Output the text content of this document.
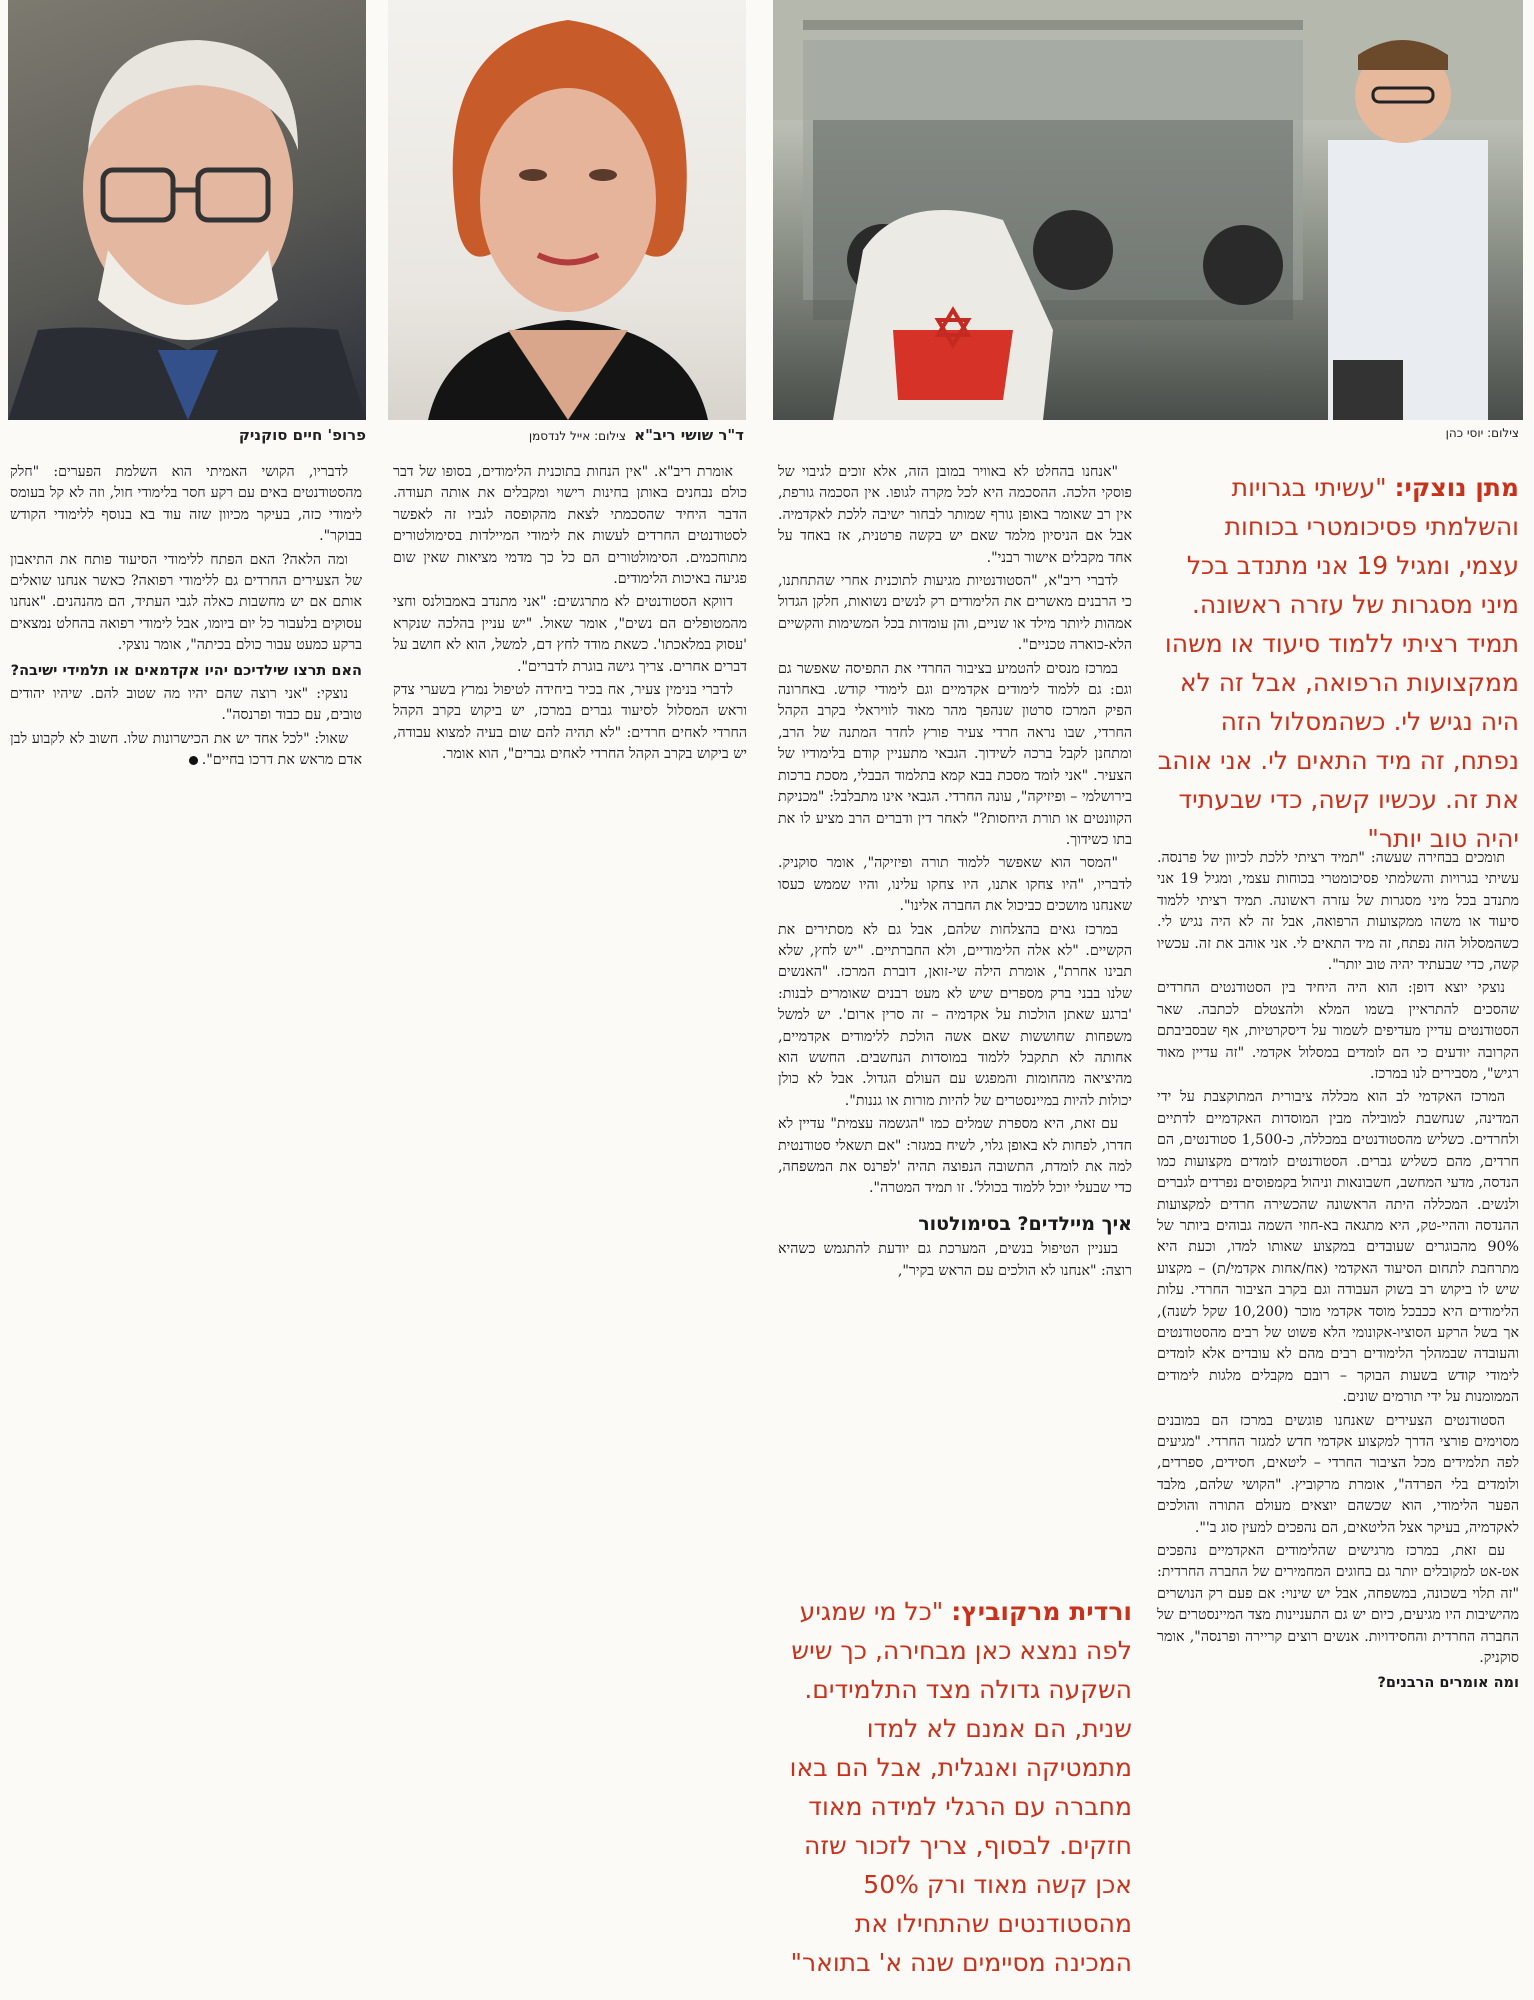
פרופ' חיים סוקניק	ד"ר שושי ריב"א  צילום: אייל לנדסמן	צילום: יוסי כהן
מתן נוצקי: "עשיתי בגרויות והשלמתי פסיכומטרי בכוחות עצמי, ומגיל 19 אני מתנדב בכל מיני מסגרות של עזרה ראשונה. תמיד רציתי ללמוד סיעוד או משהו ממקצועות הרפואה, אבל זה לא היה נגיש לי. כשהמסלול הזה נפתח, זה מיד התאים לי. אני אוהב את זה. עכשיו קשה, כדי שבעתיד יהיה טוב יותר"

תומכים בבחירה שעשה: "תמיד רציתי ללכת לכיוון של פרנסה. עשיתי בגרויות והשלמתי פסיכומטרי בכוחות עצמי, ומגיל 19 אני מתנדב בכל מיני מסגרות של עזרה ראשונה. תמיד רציתי ללמוד סיעוד או משהו ממקצועות הרפואה, אבל זה לא היה נגיש לי. כשהמסלול הזה נפתח, זה מיד התאים לי. אני אוהב את זה. עכשיו קשה, כדי שבעתיד יהיה טוב יותר".

נוצקי יוצא דופן: הוא היה היחיד בין הסטודנטים החרדים שהסכים להתראיין בשמו המלא ולהצטלם לכתבה. שאר הסטודנטים עדיין מעדיפים לשמור על דיסקרטיות, אף שבסביבתם הקרובה יודעים כי הם לומדים במסלול אקדמי. "זה עדיין מאוד רגיש", מסבירים לנו במרכז.

המרכז האקדמי לב הוא מכללה ציבורית המתוקצבת על ידי המדינה, שנחשבת למובילה מבין המוסדות האקדמיים לדתיים ולחרדים. כשליש מהסטודנטים במכללה, כ-1,500 סטודנטים, הם חרדים, מהם כשליש גברים. הסטודנטים לומדים מקצועות כמו הנדסה, מדעי המחשב, חשבונאות וניהול בקמפוסים נפרדים לגברים ולנשים. המכללה היתה הראשונה שהכשירה חרדים למקצועות ההנדסה וההיי-טק, היא מתגאה בא-חוזי השמה גבוהים ביותר של 90% מהבוגרים שעובדים במקצוע שאותו למדו, וכעת היא מתרחבת לתחום הסיעוד האקדמי (אח/אחות אקדמי/ת) – מקצוע שיש לו ביקוש רב בשוק העבודה וגם בקרב הציבור החרדי. עלות הלימודים היא ככבכל מוסד אקדמי מוכר (10,200 שקל לשנה), אך בשל הרקע הסוציו-אקונומי הלא פשוט של רבים מהסטודנטים והעובדה שבמהלך הלימודים רבים מהם לא עובדים אלא לומדים לימודי קודש בשעות הבוקר – רובם מקבלים מלגות לימודים הממומנות על ידי תורמים שונים.

הסטודנטים הצעירים שאנחנו פוגשים במרכז הם במובנים מסוימים פורצי הדרך למקצוע אקדמי חדש למגזר החרדי. "מגיעים לפה תלמידים מכל הציבור החרדי – ליטאים, חסידים, ספרדים, ולומדים בלי הפרדה", אומרת מרקוביץ. "הקושי שלהם, מלבד הפער הלימודי, הוא שכשהם יוצאים מעולם התורה והולכים לאקדמיה, בעיקר אצל הליטאים, הם נהפכים למעין סוג ב'".

עם זאת, במרכז מרגישים שהלימודים האקדמיים נהפכים אט-אט למקובלים יותר גם בחוגים המחמירים של החברה החרדית: "זה תלוי בשכונה, במשפחה, אבל יש שינוי: אם פעם רק הנושרים מהישיבות היו מגיעים, כיום יש גם התעניינות מצד המיינסטרים של החברה החרדית והחסידויות. אנשים רוצים קריירה ופרנסה", אומר סוקניק.

ומה אומרים הרבנים?

"אנחנו בהחלט לא באוויר במובן הזה, אלא זוכים לגיבוי של פוסקי הלכה. ההסכמה היא לכל מקרה לגופו. אין הסכמה גורפת, אין רב שאומר באופן גורף שמותר לבחור ישיבה ללכת לאקדמיה. אבל אם הניסיון מלמד שאם יש בקשה פרטנית, אז באחד על אחד מקבלים אישור רבני".

לדברי ריב"א, "הסטודנטיות מגיעות לתוכנית אחרי שהתחתנו, כי הרבנים מאשרים את הלימודים רק לנשים נשואות, חלקן הגדול אמהות ליותר מילד או שניים, והן עומדות בכל המשימות והקשיים הלא-כוארה טכניים".

במרכז מנסים להטמיע בציבור החרדי את התפיסה שאפשר גם וגם: גם ללמוד לימודים אקדמיים וגם לימודי קודש. באחרונה הפיק המרכז סרטון שנהפך מהר מאוד לוויראלי בקרב הקהל החרדי, שבו נראה חרדי צעיר פורץ לחדר המתנה של הרב, ומתחנן לקבל ברכה לשידוך. הגבאי מתעניין קודם בלימודיו של הצעיר. "אני לומד מסכת בבא קמא בתלמוד הבבלי, מסכת ברכות בירושלמי – ופיזיקה", עונה החרדי. הגבאי אינו מתבלבל: "מכניקת הקוונטים או תורת היחסות?" לאחר דין ודברים הרב מציע לו את בתו כשידוך.

"המסר הוא שאפשר ללמוד תורה ופיזיקה", אומר סוקניק. לדבריו, "היו צחקו אתנו, היו צחקו עלינו, והיו שממש כעסו שאנחנו מושכים כביכול את החברה אלינו".

במרכז גאים בהצלחות שלהם, אבל גם לא מסתירים את הקשיים. "לא אלה הלימודיים, ולא החברתיים. "יש לחץ, שלא תבינו אחרת", אומרת הילה שי-זואן, דוברת המרכז. "האנשים שלנו בבני ברק מספרים שיש לא מעט רבנים שאומרים לבנות: 'ברגע שאתן הולכות על אקדמיה – זה סרין ארום'. יש למשל משפחות שחוששות שאם אשה הולכת ללימודים אקדמיים, אחותה לא תתקבל ללמוד במוסדות הנחשבים. החשש הוא מהיציאה מהחומות והמפגש עם העולם הגדול. אבל לא כולן יכולות להיות במיינסטרים של להיות מורות או גננות".

עם זאת, היא מספרת שמלים כמו "הגשמה עצמית" עדיין לא חדרו, לפחות לא באופן גלוי, לשיח במגזר: "אם תשאלי סטודנטית למה את לומדת, התשובה הנפוצה תהיה 'לפרנס את המשפחה, כדי שבעלי יוכל ללמוד בכולל'. זו תמיד המטרה".

איך מיילדים? בסימולטור

בעניין הטיפול בנשים, המערכת גם יודעת להתגמש כשהיא רוצה: "אנחנו לא הולכים עם הראש בקיר",

ורדית מרקוביץ: "כל מי שמגיע לפה נמצא כאן מבחירה, כך שיש השקעה גדולה מצד התלמידים. שנית, הם אמנם לא למדו מתמטיקה ואנגלית, אבל הם באו מחברה עם הרגלי למידה מאוד חזקים. לבסוף, צריך לזכור שזה אכן קשה מאוד ורק 50% מהסטודנטים שהתחילו את המכינה מסיימים שנה א' בתואר"

אומרת ריב"א. "אין הנחות בתוכנית הלימודים, בסופו של דבר כולם נבחנים באותן בחינות רישוי ומקבלים את אותה תעודה. הדבר היחיד שהסכמתי לצאת מהקופסה לגביו זה לאפשר לסטודנטים החרדים לעשות את לימודי המיילדות בסימולטורים מתוחכמים. הסימולטורים הם כל כך מדמי מציאות שאין שום פגיעה באיכות הלימודים.

דווקא הסטודנטים לא מתרגשים: "אני מתנדב באמבולנס וחצי מהמטופלים הם נשים", אומר שאול. "יש עניין בהלכה שנקרא 'עסוק במלאכתו'. כשאת מודד לחץ דם, למשל, הוא לא חושב על דברים אחרים. צריך גישה בוגרת לדברים".

לדברי בנימין צעיר, אח בכיר ביחידה לטיפול נמרץ בשערי צדק וראש המסלול לסיעוד גברים במרכז, יש ביקוש בקרב הקהל החרדי לאחים חרדים: "לא תהיה להם שום בעיה למצוא עבודה, יש ביקוש בקרב הקהל החרדי לאחים גברים", הוא אומר.

לדבריו, הקושי האמיתי הוא השלמת הפערים: "חלק מהסטודנטים באים עם רקע חסר בלימודי חול, וזה לא קל בעומס לימודי כזה, בעיקר מכיוון שזה עוד בא בנוסף ללימודי הקודש בבוקר".

ומה הלאה? האם הפתח ללימודי הסיעוד פותח את התיאבון של הצעירים החרדים גם ללימודי רפואה? כאשר אנחנו שואלים אותם אם יש מחשבות כאלה לגבי העתיד, הם מהנהנים. "אנחנו עסוקים בלעבור כל יום ביומו, אבל לימודי רפואה בהחלט נמצאים ברקע כמעט עבור כולם בכיתה", אומר נוצקי.

האם תרצו שילדיכם יהיו אקדמאים או תלמידי ישיבה?

נוצקי: "אני רוצה שהם יהיו מה שטוב להם. שיהיו יהודים טובים, עם כבוד ופרנסה".

שאול: "לכל אחד יש את הכישרונות שלו. חשוב לא לקבוע לבן אדם מראש את דרכו בחיים".
